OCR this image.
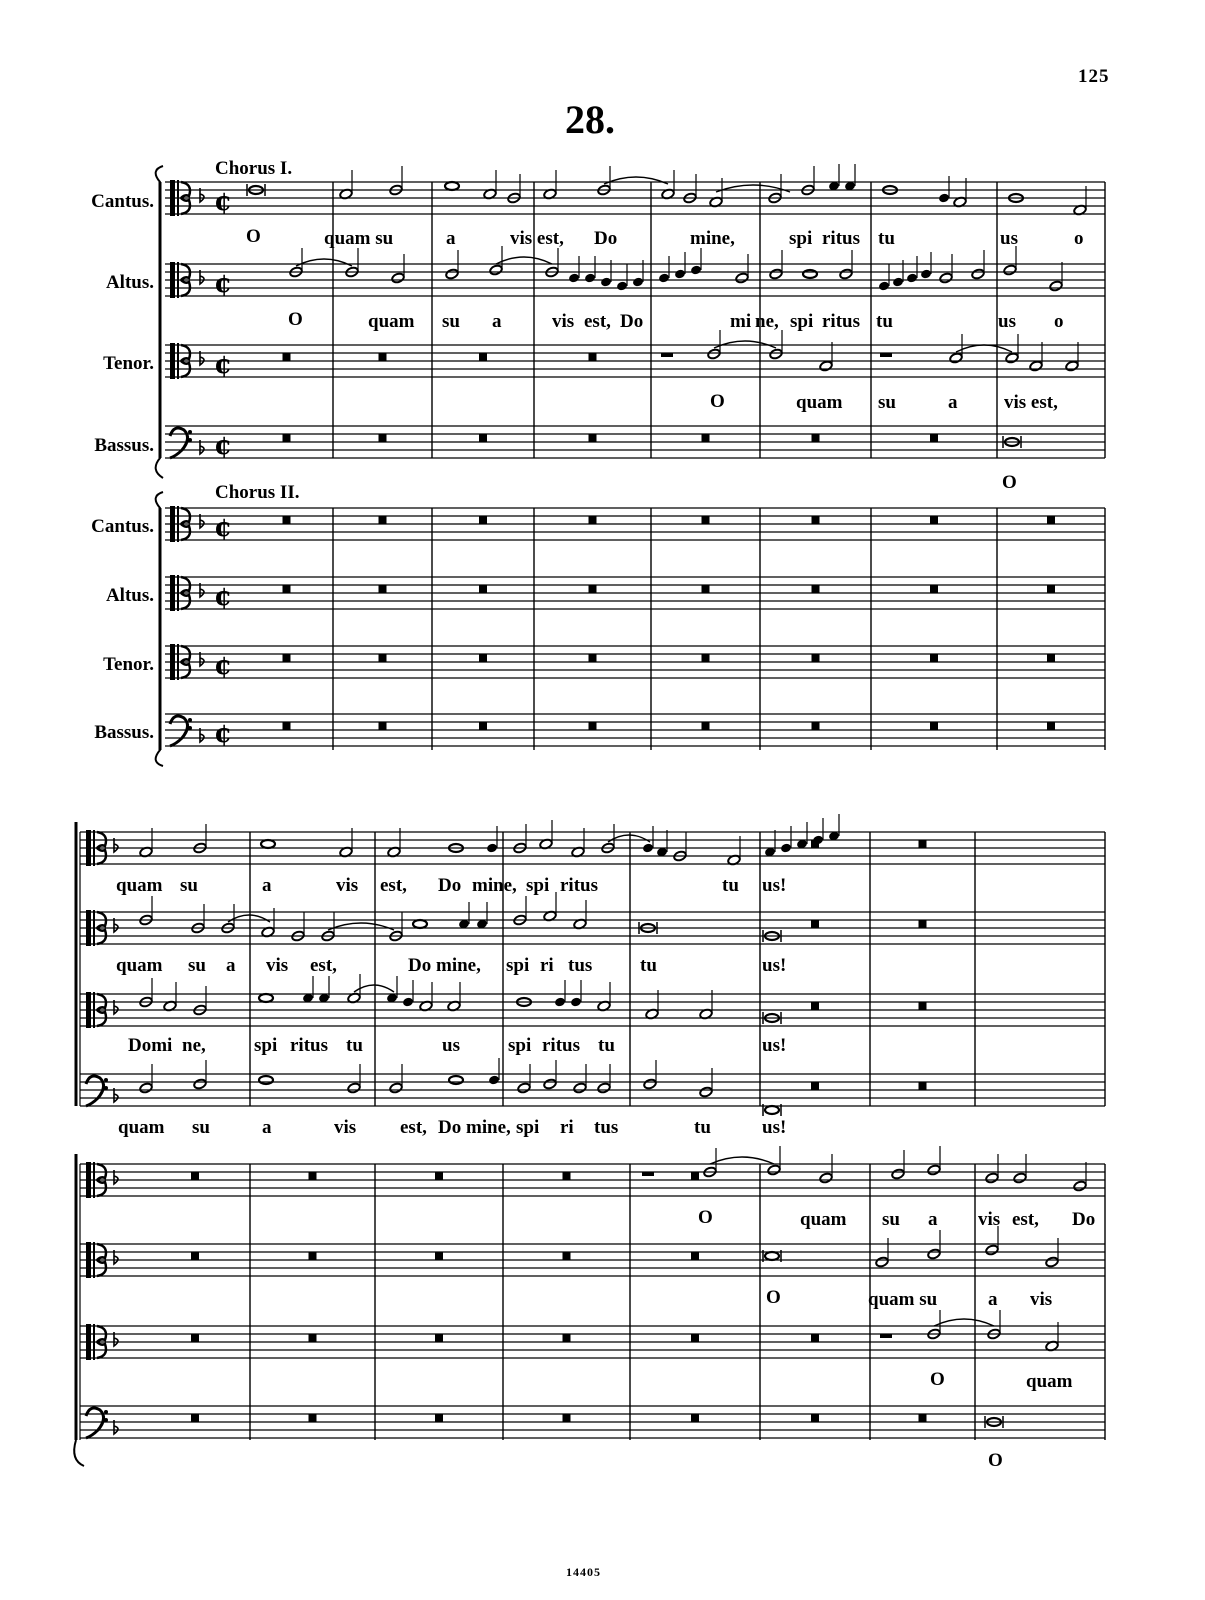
125
28.
14405
Chorus I.
Chorus II.
Cantus.
Altus.
Tenor.
Bassus.
Cantus.
Altus.
Tenor.
Bassus.
O	quam su	a	vis est, Do	mine,	spi ritus tu	us	o
O	quam su a	vis est, Do	mi ne, spi ritus tu	us o
O	quam su	a vis est,
O
quam su	a	vis est, Do mi ne, spi ritus	tu us!
quam su a vis est,	Do mine, spi ri tus	tu	us!
Domi ne,	spi ritus tu	us	spi ritus tu	us!
quam su	a	vis est, Do mi ne, spi ri tus	tu	us!
O	quam su a vis est, Do
O	quam su	a vis
O	quam
O
¢
¢
¢
¢
¢
¢
¢
¢
